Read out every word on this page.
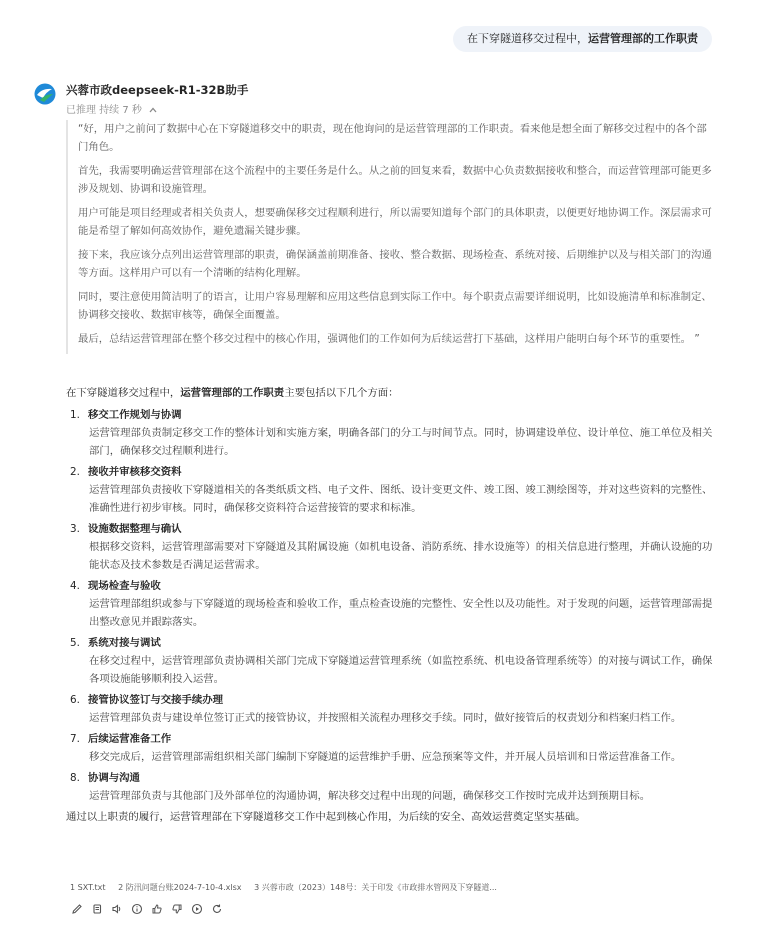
在下穿隧道移交过程中，运营管理部的工作职责
兴蓉市政deepseek-R1-32B助手
已推理 持续 7 秒

“好，用户之前问了数据中心在下穿隧道移交中的职责，现在他询问的是运营管理部的工作职责。看来他是想全面了解移交过程中的各个部门角色。

首先，我需要明确运营管理部在这个流程中的主要任务是什么。从之前的回复来看，数据中心负责数据接收和整合，而运营管理部可能更多涉及规划、协调和设施管理。

用户可能是项目经理或者相关负责人，想要确保移交过程顺利进行，所以需要知道每个部门的具体职责，以便更好地协调工作。深层需求可能是希望了解如何高效协作，避免遗漏关键步骤。

接下来，我应该分点列出运营管理部的职责，确保涵盖前期准备、接收、整合数据、现场检查、系统对接、后期维护以及与相关部门的沟通等方面。这样用户可以有一个清晰的结构化理解。

同时，要注意使用简洁明了的语言，让用户容易理解和应用这些信息到实际工作中。每个职责点需要详细说明，比如设施清单和标准制定、协调移交接收、数据审核等，确保全面覆盖。

最后，总结运营管理部在整个移交过程中的核心作用，强调他们的工作如何为后续运营打下基础，这样用户能明白每个环节的重要性。 ”

在下穿隧道移交过程中，运营管理部的工作职责主要包括以下几个方面：

1. 移交工作规划与协调
运营管理部负责制定移交工作的整体计划和实施方案，明确各部门的分工与时间节点。同时，协调建设单位、设计单位、施工单位及相关部门，确保移交过程顺利进行。
2. 接收并审核移交资料
运营管理部负责接收下穿隧道相关的各类纸质文档、电子文件、图纸、设计变更文件、竣工图、竣工测绘图等，并对这些资料的完整性、准确性进行初步审核。同时，确保移交资料符合运营接管的要求和标准。
3. 设施数据整理与确认
根据移交资料，运营管理部需要对下穿隧道及其附属设施（如机电设备、消防系统、排水设施等）的相关信息进行整理，并确认设施的功能状态及技术参数是否满足运营需求。
4. 现场检查与验收
运营管理部组织或参与下穿隧道的现场检查和验收工作，重点检查设施的完整性、安全性以及功能性。对于发现的问题，运营管理部需提出整改意见并跟踪落实。
5. 系统对接与调试
在移交过程中，运营管理部负责协调相关部门完成下穿隧道运营管理系统（如监控系统、机电设备管理系统等）的对接与调试工作，确保各项设施能够顺利投入运营。
6. 接管协议签订与交接手续办理
运营管理部负责与建设单位签订正式的接管协议，并按照相关流程办理移交手续。同时，做好接管后的权责划分和档案归档工作。
7. 后续运营准备工作
移交完成后，运营管理部需组织相关部门编制下穿隧道的运营维护手册、应急预案等文件，并开展人员培训和日常运营准备工作。
8. 协调与沟通
运营管理部负责与其他部门及外部单位的沟通协调，解决移交过程中出现的问题，确保移交工作按时完成并达到预期目标。

通过以上职责的履行，运营管理部在下穿隧道移交工作中起到核心作用，为后续的安全、高效运营奠定坚实基础。

1 SXT.txt 2 防汛问题台账2024-7-10-4.xlsx 3 兴蓉市政（2023）148号：关于印发《市政排水管网及下穿隧道...
